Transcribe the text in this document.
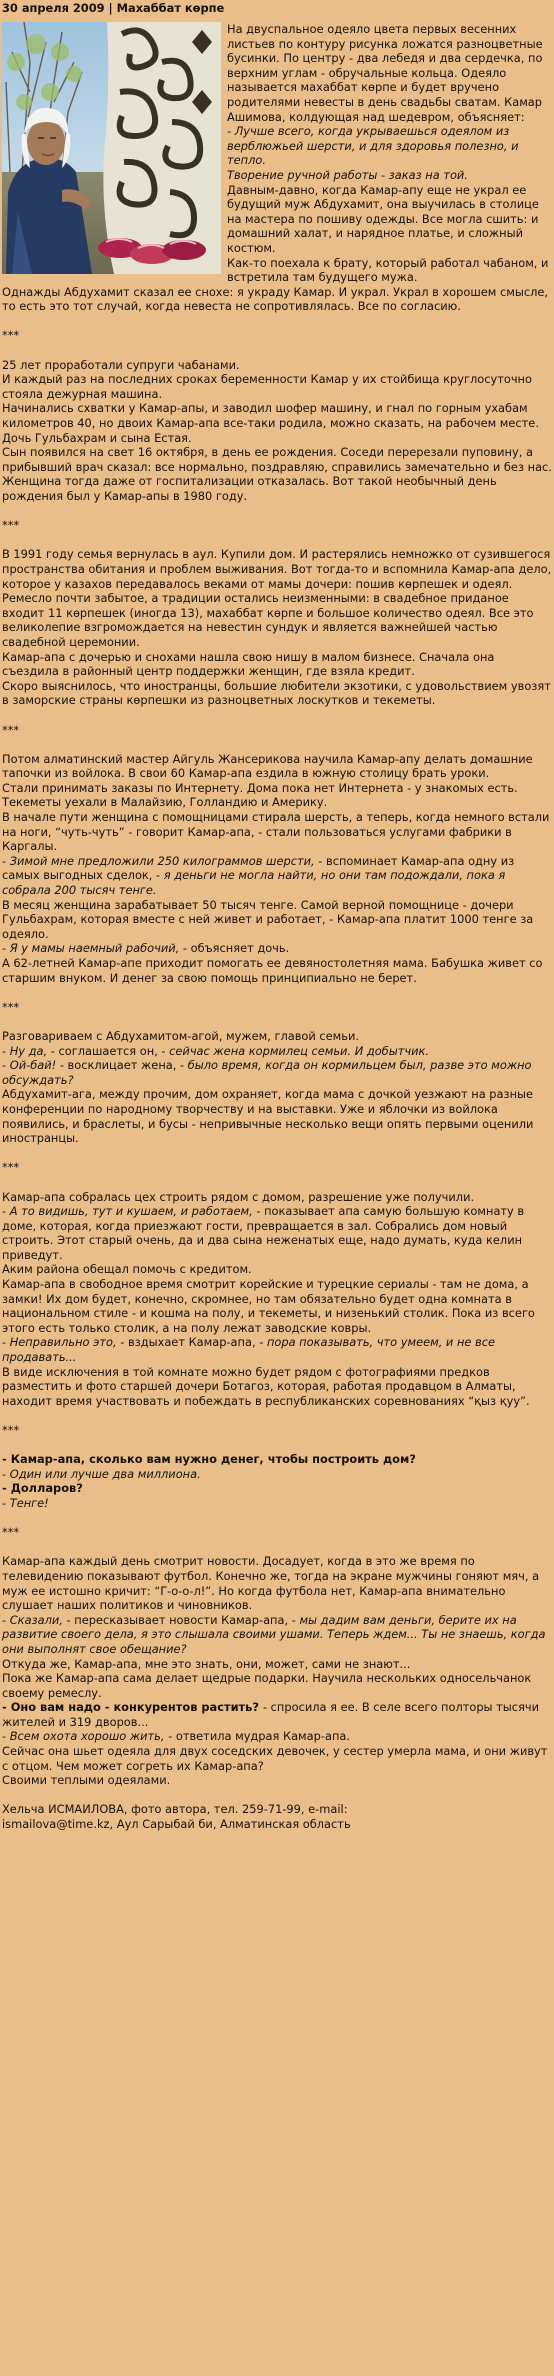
30 апреля 2009 | Махаббат көрпе

На двуспальное одеяло цвета первых весенних листьев по контуру рисунка ложатся разноцветные бусинки. По центру - два лебедя и два сердечка, по верхним углам - обручальные кольца. Одеяло называется махаббат көрпе и будет вручено родителями невесты в день свадьбы сватам. Камар Ашимова, колдующая над шедевром, объясняет:

- Лучше всего, когда укрываешься одеялом из верблюжьей шерсти, и для здоровья полезно, и тепло.

Творение ручной работы - заказ на той.

Давным-давно, когда Камар-апу еще не украл ее будущий муж Абдухамит, она выучилась в столице на мастера по пошиву одежды. Все могла сшить: и домашний халат, и нарядное платье, и сложный костюм.

Как-то поехала к брату, который работал чабаном, и встретила там будущего мужа.

Однажды Абдухамит сказал ее снохе: я украду Камар. И украл. Украл в хорошем смысле, то есть это тот случай, когда невеста не сопротивлялась. Все по согласию.

***

25 лет проработали супруги чабанами.

И каждый раз на последних сроках беременности Камар у их стойбища круглосуточно стояла дежурная машина.

Начинались схватки у Камар-апы, и заводил шофер машину, и гнал по горным ухабам километров 40, но двоих Камар-апа все-таки родила, можно сказать, на рабочем месте.

Дочь Гульбахрам и сына Естая.

Сын появился на свет 16 октября, в день ее рождения. Соседи перерезали пуповину, а прибывший врач сказал: все нормально, поздравляю, справились замечательно и без нас. Женщина тогда даже от госпитализации отказалась. Вот такой необычный день рождения был у Камар-апы в 1980 году.

***

В 1991 году семья вернулась в аул. Купили дом. И растерялись немножко от сузившегося пространства обитания и проблем выживания. Вот тогда-то и вспомнила Камар-апа дело, которое у казахов передавалось веками от мамы дочери: пошив көрпешек и одеял.

Ремесло почти забытое, а традиции остались неизменными: в свадебное приданое входит 11 көрпешек (иногда 13), махаббат көрпе и большое количество одеял. Все это великолепие взгромождается на невестин сундук и является важнейшей частью свадебной церемонии.

Камар-апа с дочерью и снохами нашла свою нишу в малом бизнесе. Сначала она съездила в районный центр поддержки женщин, где взяла кредит.

Скоро выяснилось, что иностранцы, большие любители экзотики, с удовольствием увозят в заморские страны көрпешки из разноцветных лоскутков и текеметы.

***

Потом алматинский мастер Айгуль Жансерикова научила Камар-апу делать домашние тапочки из войлока. В свои 60 Камар-апа ездила в южную столицу брать уроки.

Стали принимать заказы по Интернету. Дома пока нет Интернета - у знакомых есть.

Текеметы уехали в Малайзию, Голландию и Америку.

В начале пути женщина с помощницами стирала шерсть, а теперь, когда немного встали на ноги, “чуть-чуть” - говорит Камар-апа, - стали пользоваться услугами фабрики в Каргалы.

- Зимой мне предложили 250 килограммов шерсти, - вспоминает Камар-апа одну из самых выгодных сделок, - я деньги не могла найти, но они там подождали, пока я собрала 200 тысяч тенге.

В месяц женщина зарабатывает 50 тысяч тенге. Самой верной помощнице - дочери Гульбахрам, которая вместе с ней живет и работает, - Камар-апа платит 1000 тенге за одеяло.

- Я у мамы наемный рабочий, - объясняет дочь.

А 62-летней Камар-апе приходит помогать ее девяностолетняя мама. Бабушка живет со старшим внуком. И денег за свою помощь принципиально не берет.

***

Разговариваем с Абдухамитом-агой, мужем, главой семьи.

- Ну да, - соглашается он, - сейчас жена кормилец семьи. И добытчик.

- Ой-бай! - восклицает жена, - было время, когда он кормильцем был, разве это можно обсуждать?

Абдухамит-ага, между прочим, дом охраняет, когда мама с дочкой уезжают на разные конференции по народному творчеству и на выставки. Уже и яблочки из войлока появились, и браслеты, и бусы - непривычные несколько вещи опять первыми оценили иностранцы.

***

Камар-апа собралась цех строить рядом с домом, разрешение уже получили.

- А то видишь, тут и кушаем, и работаем, - показывает апа самую большую комнату в доме, которая, когда приезжают гости, превращается в зал. Собрались дом новый строить. Этот старый очень, да и два сына неженатых еще, надо думать, куда келин приведут.

Аким района обещал помочь с кредитом.

Камар-апа в свободное время смотрит корейские и турецкие сериалы - там не дома, а замки! Их дом будет, конечно, скромнее, но там обязательно будет одна комната в национальном стиле - и кошма на полу, и текеметы, и низенький столик. Пока из всего этого есть только столик, а на полу лежат заводские ковры.

- Неправильно это, - вздыхает Камар-апа, - пора показывать, что умеем, и не все продавать...

В виде исключения в той комнате можно будет рядом с фотографиями предков разместить и фото старшей дочери Ботагоз, которая, работая продавцом в Алматы, находит время участвовать и побеждать в республиканских соревнованиях “қыз қуу”.

***

- Камар-апа, сколько вам нужно денег, чтобы построить дом?

- Один или лучше два миллиона.

- Долларов?

- Тенге!

***

Камар-апа каждый день смотрит новости. Досадует, когда в это же время по телевидению показывают футбол. Конечно же, тогда на экране мужчины гоняют мяч, а муж ее истошно кричит: “Г-о-о-л!”. Но когда футбола нет, Камар-апа внимательно слушает наших политиков и чиновников.

- Сказали, - пересказывает новости Камар-апа, - мы дадим вам деньги, берите их на развитие своего дела, я это слышала своими ушами. Теперь ждем... Ты не знаешь, когда они выполнят свое обещание?

Откуда же, Камар-апа, мне это знать, они, может, сами не знают...

Пока же Камар-апа сама делает щедрые подарки. Научила нескольких односельчанок своему ремеслу.

- Оно вам надо - конкурентов растить? - спросила я ее. В селе всего полторы тысячи жителей и 319 дворов...

- Всем охота хорошо жить, - ответила мудрая Камар-апа.

Сейчас она шьет одеяла для двух соседских девочек, у сестер умерла мама, и они живут с отцом. Чем может согреть их Камар-апа?

Своими теплыми одеялами.

Хельча ИСМАИЛОВА, фото автора, тел. 259-71-99, e-mail:
ismailova@time.kz, Аул Сарыбай би, Алматинская область
